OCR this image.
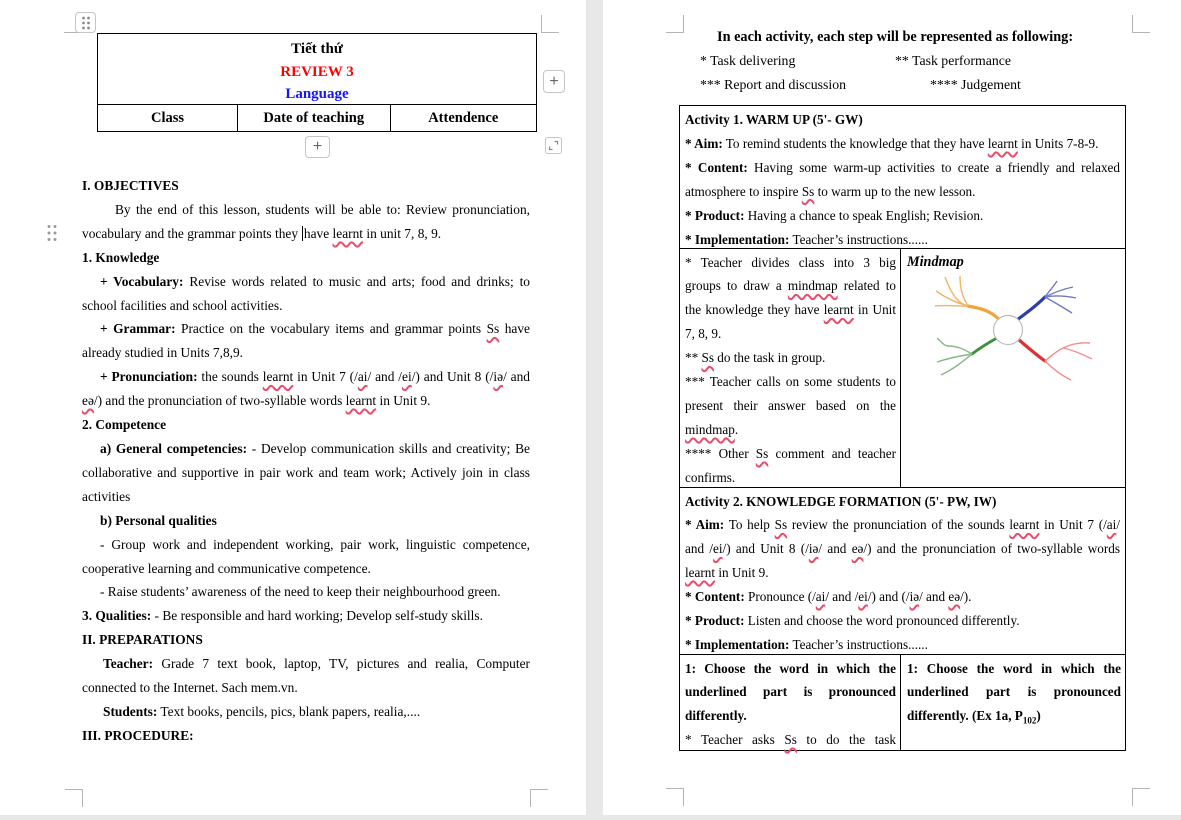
Tiết thứ
REVIEW 3
Language
Class	Date of teaching	Attendence
I. OBJECTIVES
By the end of this lesson, students will be able to: Review pronunciation, vocabulary and the grammar points they have learnt in unit 7, 8, 9.
1. Knowledge
+ Vocabulary: Revise words related to music and arts; food and drinks; to school facilities and school activities.
+ Grammar: Practice on the vocabulary items and grammar points Ss have already studied in Units 7,8,9.
+ Pronunciation: the sounds learnt in Unit 7 (/ai/ and /ei/) and Unit 8 (/iə/ and eə/) and the pronunciation of two-syllable words learnt in Unit 9.
2. Competence
a) General competencies: - Develop communication skills and creativity; Be collaborative and supportive in pair work and team work; Actively join in class activities
b) Personal qualities
- Group work and independent working, pair work, linguistic competence, cooperative learning and communicative competence.
- Raise students’ awareness of the need to keep their neighbourhood green.
3. Qualities: - Be responsible and hard working; Develop self-study skills.
II. PREPARATIONS
Teacher: Grade 7 text book, laptop, TV, pictures and realia, Computer connected to the Internet. Sach mem.vn.
Students: Text books, pencils, pics, blank papers, realia,....
III. PROCEDURE:
+
+
In each activity, each step will be represented as following:
* Task delivering	** Task performance
*** Report and discussion	**** Judgement
Activity 1. WARM UP (5'- GW)
* Aim: To remind students the knowledge that they have learnt in Units 7-8-9.
* Content: Having some warm-up activities to create a friendly and relaxed atmosphere to inspire Ss to warm up to the new lesson.
* Product: Having a chance to speak English; Revision.
* Implementation: Teacher’s instructions......
* Teacher divides class into 3 big groups to draw a mindmap related to the knowledge they have learnt in Unit 7, 8, 9.
** Ss do the task in group.
*** Teacher calls on some students to present their answer based on the mindmap.
**** Other Ss comment and teacher confirms.
Mindmap
Activity 2. KNOWLEDGE FORMATION (5'- PW, IW)
* Aim: To help Ss review the pronunciation of the sounds learnt in Unit 7 (/ai/ and /ei/) and Unit 8 (/iə/ and eə/) and the pronunciation of two-syllable words learnt in Unit 9.
* Content: Pronounce (/ai/ and /ei/) and (/iə/ and eə/).
* Product: Listen and choose the word pronounced differently.
* Implementation: Teacher’s instructions......
1: Choose the word in which the underlined part is pronounced differently.
* Teacher asks Ss to do the task
1: Choose the word in which the underlined part is pronounced differently. (Ex 1a, $P_{102}$)
